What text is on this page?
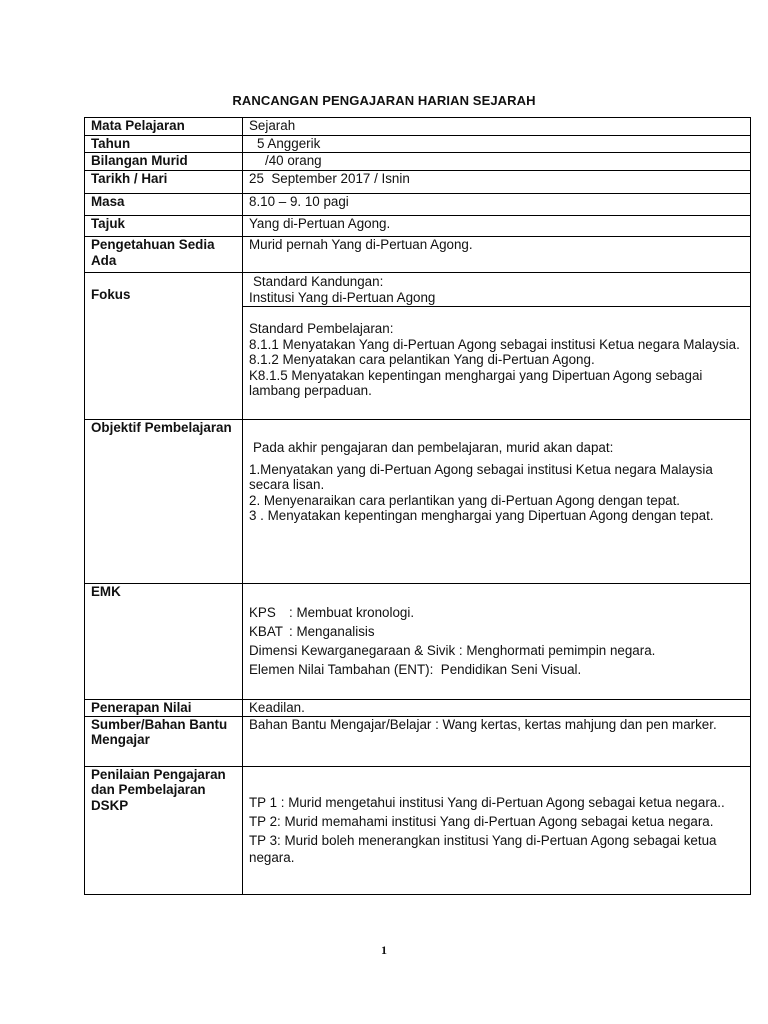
RANCANGAN PENGAJARAN HARIAN SEJARAH
Mata Pelajaran	Sejarah
Tahun	5 Anggerik
Bilangan Murid	/40 orang
Tarikh / Hari	25  September 2017 / Isnin
Masa	8.10 – 9. 10 pagi
Tajuk	Yang di-Pertuan Agong.
Pengetahuan Sedia Ada	Murid pernah Yang di-Pertuan Agong.
Fokus	Standard Kandungan:
Institusi Yang di-Pertuan Agong

	Standard Pembelajaran:
8.1.1 Menyatakan Yang di-Pertuan Agong sebagai institusi Ketua negara Malaysia.
8.1.2 Menyatakan cara pelantikan Yang di-Pertuan Agong.
K8.1.5 Menyatakan kepentingan menghargai yang Dipertuan Agong sebagai lambang perpaduan.

Objektif Pembelajaran	Pada akhir pengajaran dan pembelajaran, murid akan dapat:
1.Menyatakan yang di-Pertuan Agong sebagai institusi Ketua negara Malaysia secara lisan.
2. Menyenaraikan cara perlantikan yang di-Pertuan Agong dengan tepat.
3 . Menyatakan kepentingan menghargai yang Dipertuan Agong dengan tepat.

EMK	KPS : Membuat kronologi.
KBAT : Menganalisis
Dimensi Kewarganegaraan & Sivik : Menghormati pemimpin negara.
Elemen Nilai Tambahan (ENT):  Pendidikan Seni Visual.

Penerapan Nilai	Keadilan.
Sumber/Bahan Bantu Mengajar	Bahan Bantu Mengajar/Belajar : Wang kertas, kertas mahjung dan pen marker.
Penilaian Pengajaran dan Pembelajaran DSKP	TP 1 : Murid mengetahui institusi Yang di-Pertuan Agong sebagai ketua negara..
TP 2: Murid memahami institusi Yang di-Pertuan Agong sebagai ketua negara.
TP 3: Murid boleh menerangkan institusi Yang di-Pertuan Agong sebagai ketua negara.
1
